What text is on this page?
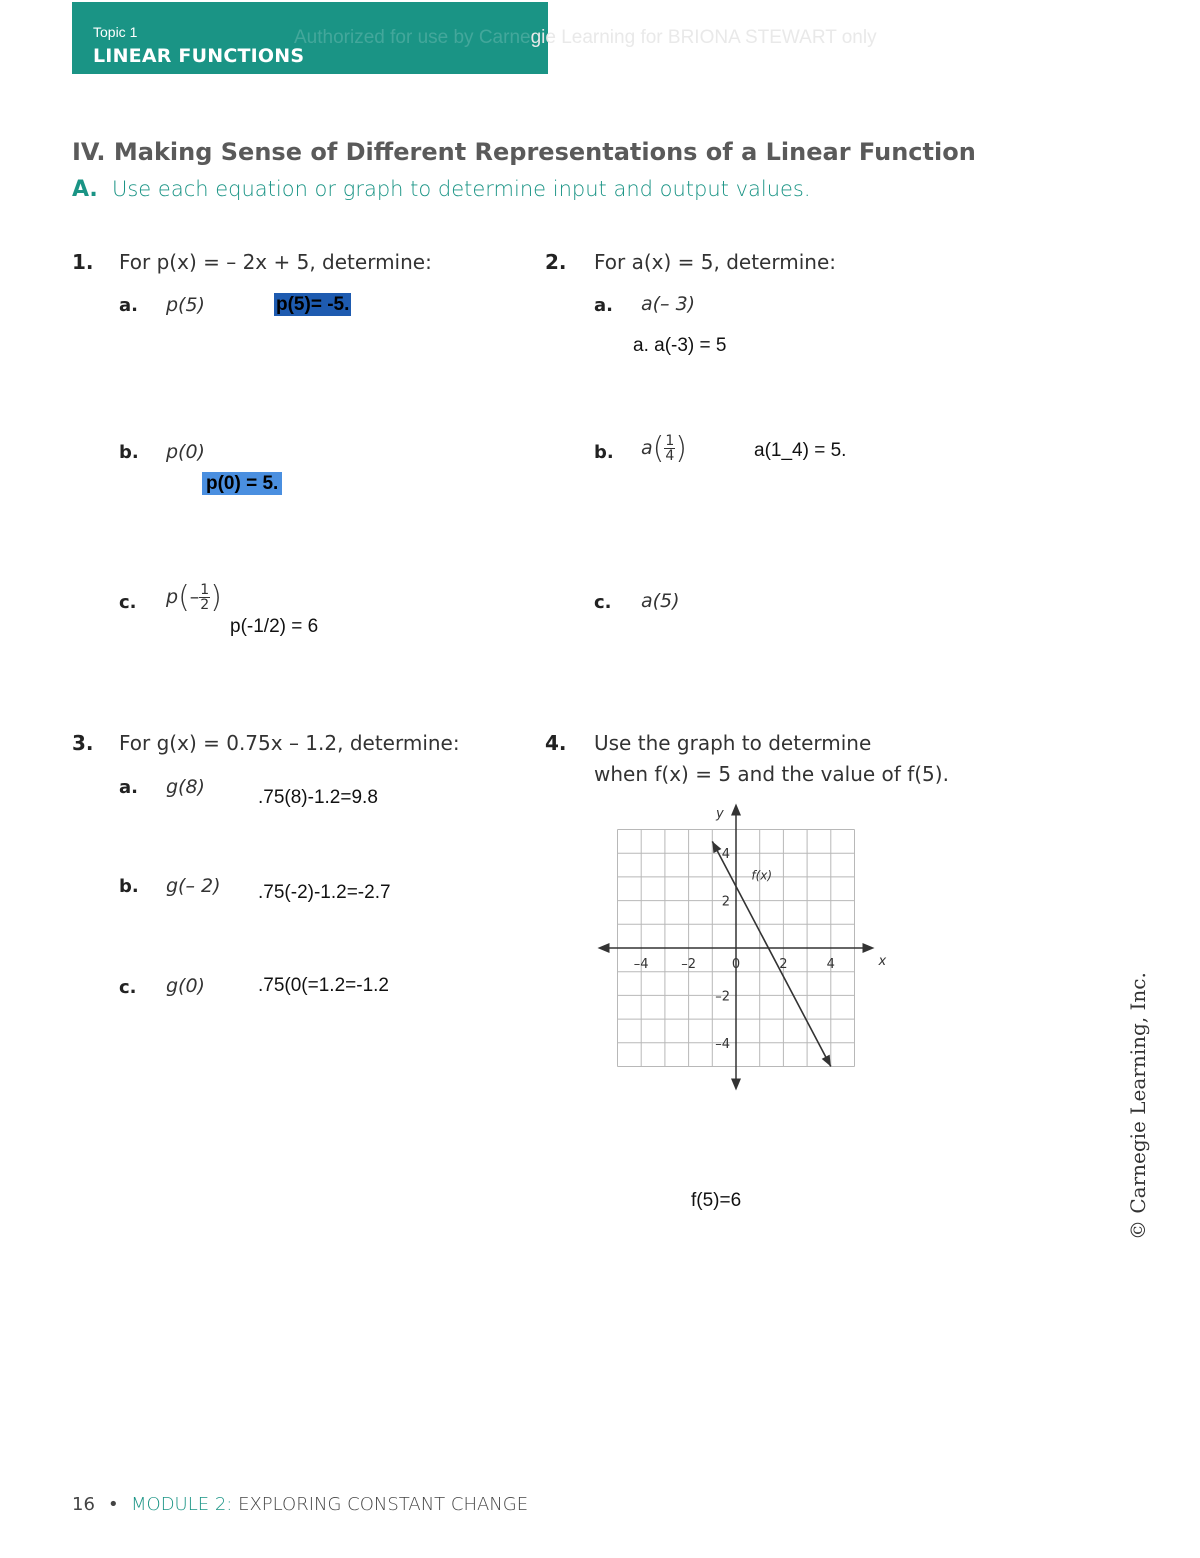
Topic 1
LINEAR FUNCTIONS
Authorized for use by Carnegie Learning for BRIONA STEWART only
IV. Making Sense of Different Representations of a Linear Function
A. Use each equation or graph to determine input and output values.
1. For p(x) = – 2x + 5, determine:
a. p(5)	p(5)= -5.
b. p(0)
p(0) = 5.
c. $p(- \frac{1}{2}$ )
p(-1/2) = 6
2. For a(x) = 5, determine:
a. a(– 3)
a. a(-3) = 5
b. $a( \frac{1}{4}$ )	a(1_4) = 5.
c. a(5)
3. For g(x) = 0.75x – 1.2, determine:
a. g(8)	.75(8)-1.2=9.8
b. g(– 2) .75(-2)-1.2=-2.7
c. g(0)	.75(0(=1.2=-1.2
4. Use the graph to determine
when f(x) = 5 and the value of f(5).
x
y
–4	–2	0	2	4
4
2
–2
–4
f(x)
f(5)=6	© Carnegie Learning, Inc.
16 • MODULE 2: EXPLORING CONSTANT CHANGE
